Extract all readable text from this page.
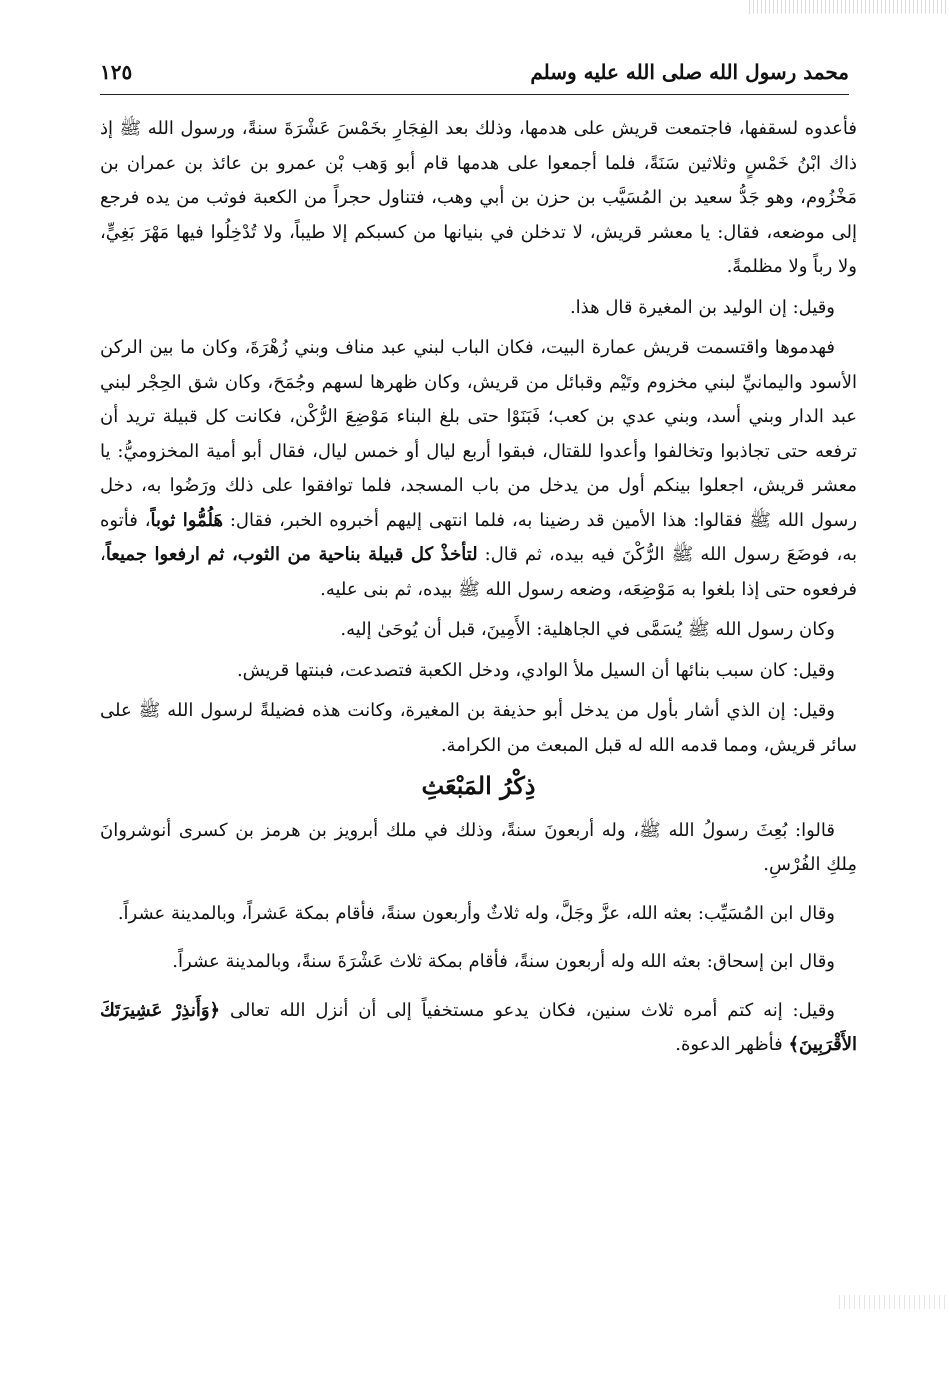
محمد رسول الله صلى الله عليه وسلم
١٢٥

فأعدوه لسقفها، فاجتمعت قريش على هدمها، وذلك بعد الفِجَارِ بخَمْسَ عَشْرَةَ سنةً، ورسول الله ﷺ إذ ذاك ابْنُ خَمْسٍ وثلاثين سَنَةً، فلما أجمعوا على هدمها قام أبو وَهب بْن عمرو بن عائذ بن عمران بن مَخْزُوم، وهو جَدُّ سعيد بن المُسَيَّب بن حزن بن أبي وهب، فتناول حجراً من الكعبة فوثب من يده فرجع إلى موضعه، فقال: يا معشر قريش، لا تدخلن في بنيانها من كسبكم إلا طيباً، ولا تُدْخِلُوا فيها مَهْرَ بَغِيٍّ، ولا رباً ولا مظلمةً.

وقيل: إن الوليد بن المغيرة قال هذا.

فهدموها واقتسمت قريش عمارة البيت، فكان الباب لبني عبد مناف وبني زُهْرَةَ، وكان ما بين الركن الأسود واليمانيِّ لبني مخزوم وتَيْم وقبائل من قريش، وكان ظهرها لسهم وجُمَحَ، وكان شق الحِجْر لبني عبد الدار وبني أسد، وبني عدي بن كعب؛ فَبَنَوْا حتى بلغ البناء مَوْضِعَ الرُّكْن، فكانت كل قبيلة تريد أن ترفعه حتى تجاذبوا وتخالفوا وأعدوا للقتال، فبقوا أربع ليال أو خمس ليال، فقال أبو أمية المخزوميُّ: يا معشر قريش، اجعلوا بينكم أول من يدخل من باب المسجد، فلما توافقوا على ذلك ورَضُوا به، دخل رسول الله ﷺ فقالوا: هذا الأمين قد رضينا به، فلما انتهى إليهم أخبروه الخبر، فقال: هَلُمُّوا ثوباً، فأتوه به، فوضَعَ رسول الله ﷺ الرُّكْنَ فيه بيده، ثم قال: لتأخذْ كل قبيلة بناحية من الثوب، ثم ارفعوا جميعاً، فرفعوه حتى إذا بلغوا به مَوْضِعَه، وضعه رسول الله ﷺ بيده، ثم بنى عليه.

وكان رسول الله ﷺ يُسَمَّى في الجاهلية: الأَمِينَ، قبل أن يُوحَىٰ إليه.

وقيل: كان سبب بنائها أن السيل ملأ الوادي، ودخل الكعبة فتصدعت، فبنتها قريش.

وقيل: إن الذي أشار بأول من يدخل أبو حذيفة بن المغيرة، وكانت هذه فضيلةً لرسول الله ﷺ على سائر قريش، ومما قدمه الله له قبل المبعث من الكرامة.

ذِكْرُ المَبْعَثِ

قالوا: بُعِثَ رسولُ الله ﷺ، وله أربعونَ سنةً، وذلك في ملك أبرويز بن هرمز بن كسرى أنوشروانَ مِلكِ الفُرْسِ.

وقال ابن المُسَيِّب: بعثه الله، عزَّ وجَلَّ، وله ثلاثٌ وأربعون سنةً، فأقام بمكة عَشراً، وبالمدينة عشراً.

وقال ابن إسحاق: بعثه الله وله أربعون سنةً، فأقام بمكة ثلاث عَشْرَةَ سنةً، وبالمدينة عشراً.

وقيل: إنه كتم أمره ثلاث سنين، فكان يدعو مستخفياً إلى أن أنزل الله تعالى ﴿وَأَنذِرْ عَشِيرَتَكَ الأَقْرَبِينَ﴾ فأظهر الدعوة.
